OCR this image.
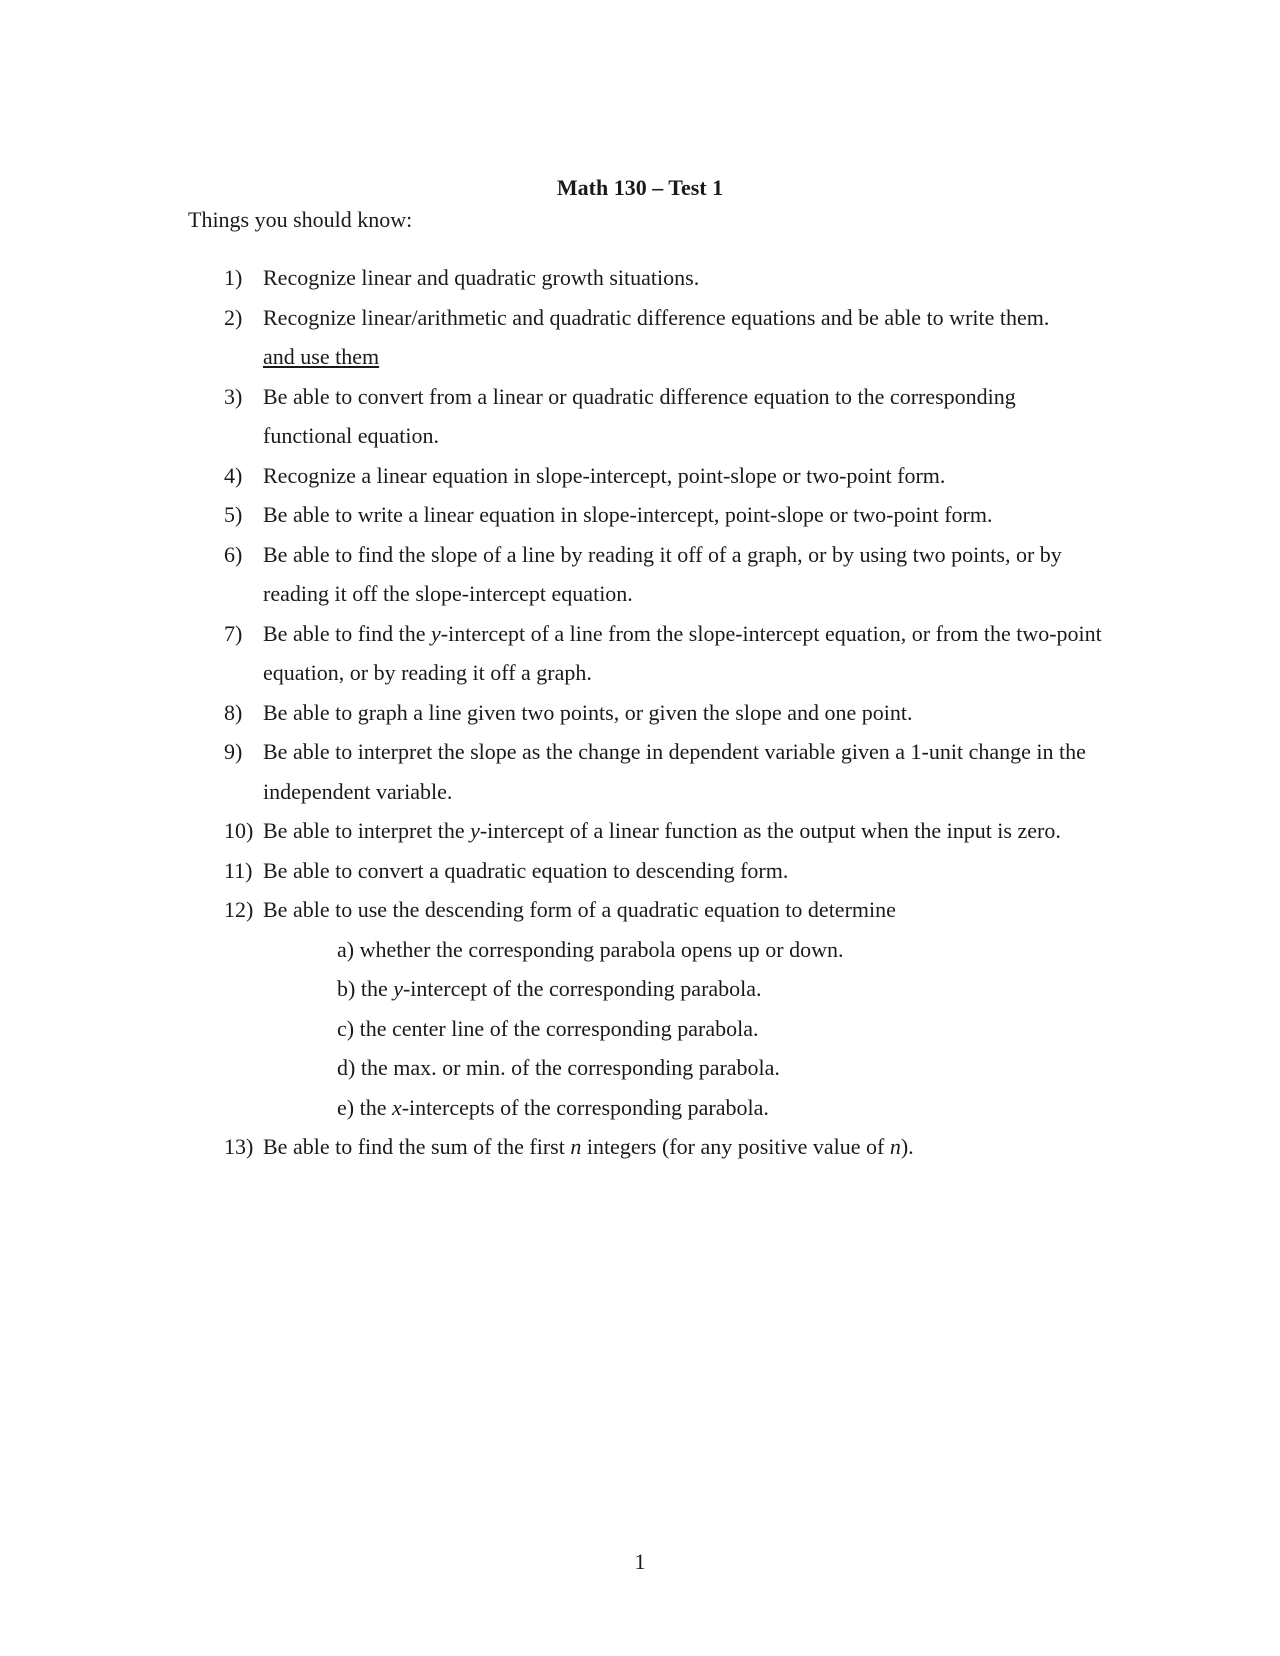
Math 130 – Test 1
Things you should know:
1) Recognize linear and quadratic growth situations.
2) Recognize linear/arithmetic and quadratic difference equations and be able to write them.
and use them
3) Be able to convert from a linear or quadratic difference equation to the corresponding functional equation.
4) Recognize a linear equation in slope-intercept, point-slope or two-point form.
5) Be able to write a linear equation in slope-intercept, point-slope or two-point form.
6) Be able to find the slope of a line by reading it off of a graph, or by using two points, or by reading it off the slope-intercept equation.
7) Be able to find the y-intercept of a line from the slope-intercept equation, or from the two-point equation, or by reading it off a graph.
8) Be able to graph a line given two points, or given the slope and one point.
9) Be able to interpret the slope as the change in dependent variable given a 1-unit change in the independent variable.
10) Be able to interpret the y-intercept of a linear function as the output when the input is zero.
11) Be able to convert a quadratic equation to descending form.
12) Be able to use the descending form of a quadratic equation to determine
a) whether the corresponding parabola opens up or down.
b) the y-intercept of the corresponding parabola.
c) the center line of the corresponding parabola.
d) the max. or min. of the corresponding parabola.
e) the x-intercepts of the corresponding parabola.
13) Be able to find the sum of the first n integers (for any positive value of n).
1
